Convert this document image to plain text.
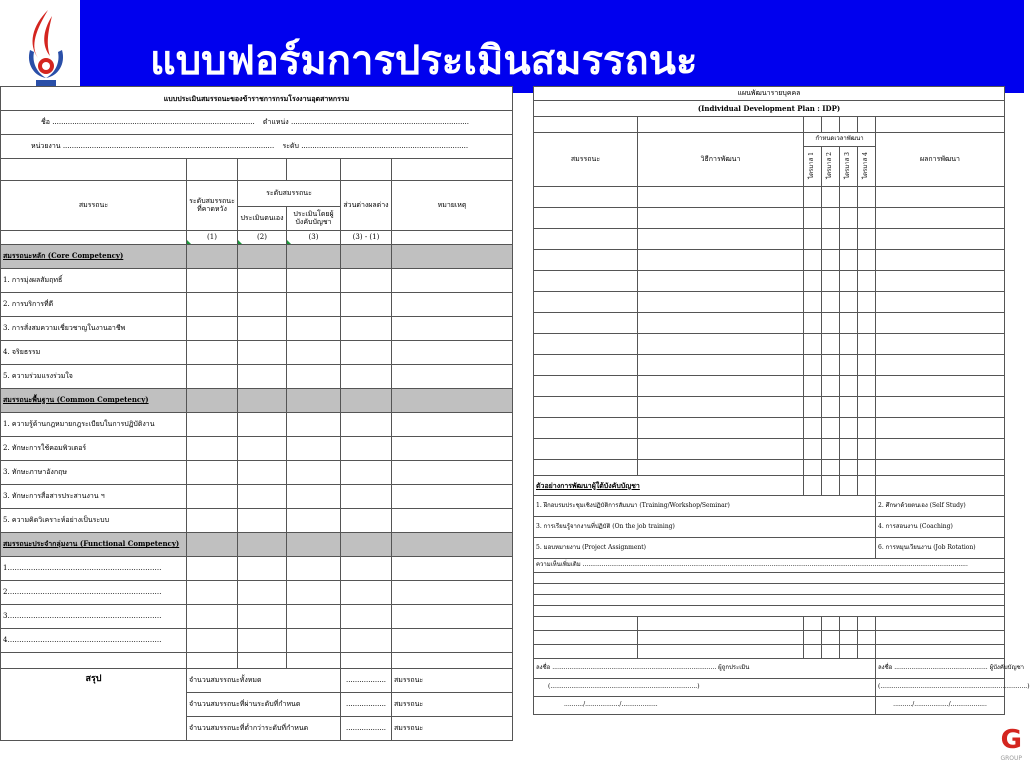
แบบฟอร์มการประเมินสมรรถนะ
แบบประเมินสมรรถนะของข้าราชการกรมโรงงานอุตสาหกรรม					
ชื่อ ........................................................................................... ตำแหน่ง ................................................................................					
หน่วยงาน ............................................................................................... ระดับ ...........................................................................					

สมรรถนะ	ระดับสมรรถนะที่คาดหวัง	ระดับสมรรถนะ		ส่วนต่างผลต่าง	หมายเหตุ
		ประเมินตนเอง	ประเมินโดยผู้บังคับบัญชา		
	(1)	(2)	(3)	(3) - (1)	
สมรรถนะหลัก (Core Competency)					
1. การมุ่งผลสัมฤทธิ์					
2. การบริการที่ดี					
3. การสั่งสมความเชี่ยวชาญในงานอาชีพ					
4. จริยธรรม					
5. ความร่วมแรงร่วมใจ					
สมรรถนะพื้นฐาน (Common Competency)					
1. ความรู้ด้านกฎหมายกฎระเบียบในการปฏิบัติงาน					
2. ทักษะการใช้คอมพิวเตอร์					
3. ทักษะภาษาอังกฤษ					
3. ทักษะการสื่อสารประสานงาน ฯ					
5. ความคิดวิเคราะห์อย่างเป็นระบบ					
สมรรถนะประจำกลุ่มงาน (Functional Competency)					
1…………………………………………………………					
2…………………………………………………………					
3…………………………………………………………					
4…………………………………………………………					

สรุป	จำนวนสมรรถนะทั้งหมด			..................	สมรรถนะ
	จำนวนสมรรถนะที่ผ่านระดับที่กำหนด			..................	สมรรถนะ
	จำนวนสมรรถนะที่ต่ำกว่าระดับที่กำหนด			..................	สมรรถนะ
แผนพัฒนารายบุคคล						
(Individual Development Plan : IDP)						

สมรรถนะ	วิธีการพัฒนา	กำหนดเวลาพัฒนา				ผลการพัฒนา
		ไตรมาส 1	ไตรมาส 2	ไตรมาส 3	ไตรมาส 4	

ตัวอย่างการพัฒนาผู้ใต้บังคับบัญชา						
1. ฝึกอบรมประชุมเชิงปฏิบัติการสัมมนา (Training/Workshop/Seminar)						2. ศึกษาด้วยตนเอง (Self Study)
3. การเรียนรู้จากงานที่ปฏิบัติ (On the job training)						4. การสอนงาน (Coaching)
5. มอบหมายงาน (Project Assignment)						6. การหมุนเวียนงาน (Job Rotation)
ความเห็นเพิ่มเติม ..........................................................................................................................................................................................................						

ลงชื่อ ...................................................................................... ผู้ถูกประเมิน						ลงชื่อ ................................................. ผู้บังคับบัญชา
(.............................................................................)						(.............................................................................)
........../................../...................						........../................../...................
G
GROUP
